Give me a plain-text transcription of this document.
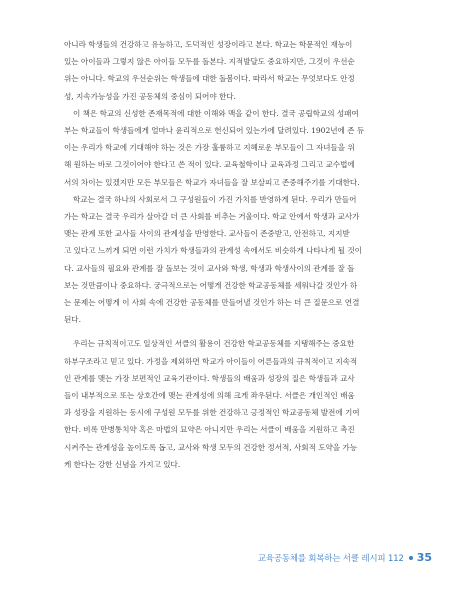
아니라 학생들의 건강하고 유능하고, 도덕적인 성장이라고 본다. 학교는 학문적인 재능이
있는 아이들과 그렇지 않은 아이들 모두를 돌본다. 지적발달도 중요하지만, 그것이 우선순
위는 아니다. 학교의 우선순위는 학생들에 대한 돌봄이다. 따라서 학교는 무엇보다도 안정
성, 지속가능성을 가진 공동체의 중심이 되어야 한다.

이 책은 학교의 신성한 존재목적에 대한 이해와 맥을 같이 한다. 결국 공립학교의 성패여
부는 학교들이 학생들에게 얼마나 윤리적으로 헌신되어 있는가에 달려있다. 1902년에 존 듀
이는 우리가 학교에 기대해야 하는 것은 가장 훌륭하고 지혜로운 부모들이 그 자녀들을 위
해 원하는 바로 그것이어야 한다고 쓴 적이 있다. 교육철학이나 교육과정 그리고 교수법에
서의 차이는 있겠지만 모든 부모들은 학교가 자녀들을 잘 보살피고 존중해주기를 기대한다.

학교는 결국 하나의 사회로서 그 구성원들이 가진 가치를 반영하게 된다. 우리가 만들어
가는 학교는 결국 우리가 살아갈 더 큰 사회를 비추는 거울이다. 학교 안에서 학생과 교사가
맺는 관계 또한 교사들 사이의 관계성을 반영한다. 교사들이 존중받고, 안전하고, 지지받
고 있다고 느끼게 되면 이런 가치가 학생들과의 관계성 속에서도 비슷하게 나타나게 될 것이
다. 교사들의 필요와 관계를 잘 돌보는 것이 교사와 학생, 학생과 학생사이의 관계를 잘 돌
보는 것만큼이나 중요하다. 궁극적으로는 어떻게 건강한 학교공동체를 세워나갈 것인가 하
는 문제는 어떻게 이 사회 속에 건강한 공동체를 만들어낼 것인가 하는 더 큰 질문으로 연결
된다.

우리는 규칙적이고도 일상적인 서클의 활용이 건강한 학교공동체를 지탱해주는 중요한
하부구조라고 믿고 있다. 가정을 제외하면 학교가 아이들이 어른들과의 규칙적이고 지속적
인 관계를 맺는 가장 보편적인 교육기관이다. 학생들의 배움과 성장의 질은 학생들과 교사
들이 내부적으로 또는 상호간에 맺는 관계성에 의해 크게 좌우된다. 서클은 개인적인 배움
과 성장을 지원하는 동시에 구성원 모두를 위한 건강하고 긍정적인 학교공동체 발전에 기여
한다. 비록 만병통치약 혹은 마법의 묘약은 아니지만 우리는 서클이 배움을 지원하고 촉진
시켜주는 관계성을 높이도록 돕고, 교사와 학생 모두의 건강한 정서적, 사회적 도약을 가능
케 한다는 강한 신념을 가지고 있다.

교육공동체를 회복하는 서클 레시피 112 35
